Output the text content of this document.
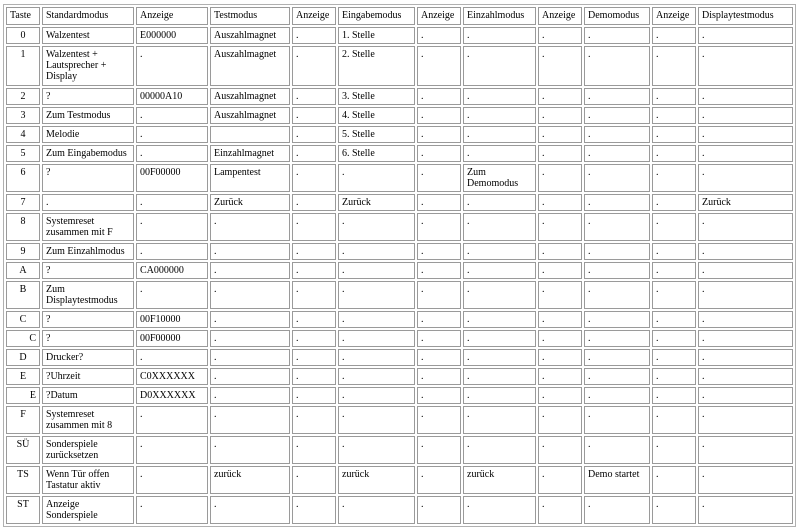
Taste	Standardmodus	Anzeige	Testmodus	Anzeige	Eingabemodus	Anzeige	Einzahlmodus	Anzeige	Demomodus	Anzeige	Displaytestmodus
0	Walzentest	E000000	Auszahlmagnet	.	1. Stelle	.	.	.	.	.	.
1	Walzentest + Lautsprecher + Display	.	Auszahlmagnet	.	2. Stelle	.	.	.	.	.	.
2	?	00000A10	Auszahlmagnet	.	3. Stelle	.	.	.	.	.	.
3	Zum Testmodus	.	Auszahlmagnet	.	4. Stelle	.	.	.	.	.	.
4	Melodie	.		.	5. Stelle	.	.	.	.	.	.
5	Zum Eingabemodus	.	Einzahlmagnet	.	6. Stelle	.	.	.	.	.	.
6	?	00F00000	Lampentest	.	.	.	Zum Demomodus	.	.	.	.
7	.	.	Zurück	.	Zurück	.	.	.	.	.	Zurück
8	Systemreset zusammen mit F	.	.	.	.	.	.	.	.	.	.
9	Zum Einzahlmodus	.	.	.	.	.	.	.	.	.	.
A	?	CA000000	.	.	.	.	.	.	.	.	.
B	Zum Displaytestmodus	.	.	.	.	.	.	.	.	.	.
C	?	00F10000	.	.	.	.	.	.	.	.	.
C	?	00F00000	.	.	.	.	.	.	.	.	.
D	Drucker?	.	.	.	.	.	.	.	.	.	.
E	?Uhrzeit	C0XXXXXX	.	.	.	.	.	.	.	.	.
E	?Datum	D0XXXXXX	.	.	.	.	.	.	.	.	.
F	Systemreset zusammen mit 8	.	.	.	.	.	.	.	.	.	.
SÜ	Sonderspiele zurücksetzen	.	.	.	.	.	.	.	.	.	.
TS	Wenn Tür offen Tastatur aktiv	.	zurück	.	zurück	.	zurück	.	Demo startet	.	.
ST	Anzeige Sonderspiele	.	.	.	.	.	.	.	.	.	.
